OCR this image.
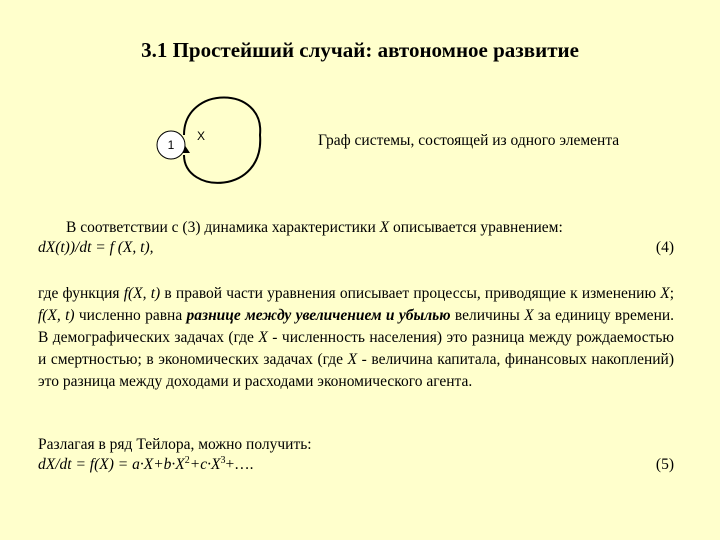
3.1 Простейший случай: автономное развитие
1
X	Граф системы, состоящей из одного элемента
В соответствии с (3) динамика характеристики X описывается уравнением:
dX(t))/dt = f (X, t),	(4)
где функция f(X, t) в правой части уравнения описывает процессы, приводящие к изменению X; f(X, t) численно равна разнице между увеличением и убылью величины X за единицу времени. В демографических задачах (где X - численность населения) это разница между рождаемостью и смертностью; в экономических задачах (где X - величина капитала, финансовых накоплений) это разница между доходами и расходами экономического агента.
Разлагая в ряд Тейлора, можно получить:
$dX/dt = f(X) = a\cdot X+b\cdot X^2+c\cdot X^3+\dots$.	(5)
